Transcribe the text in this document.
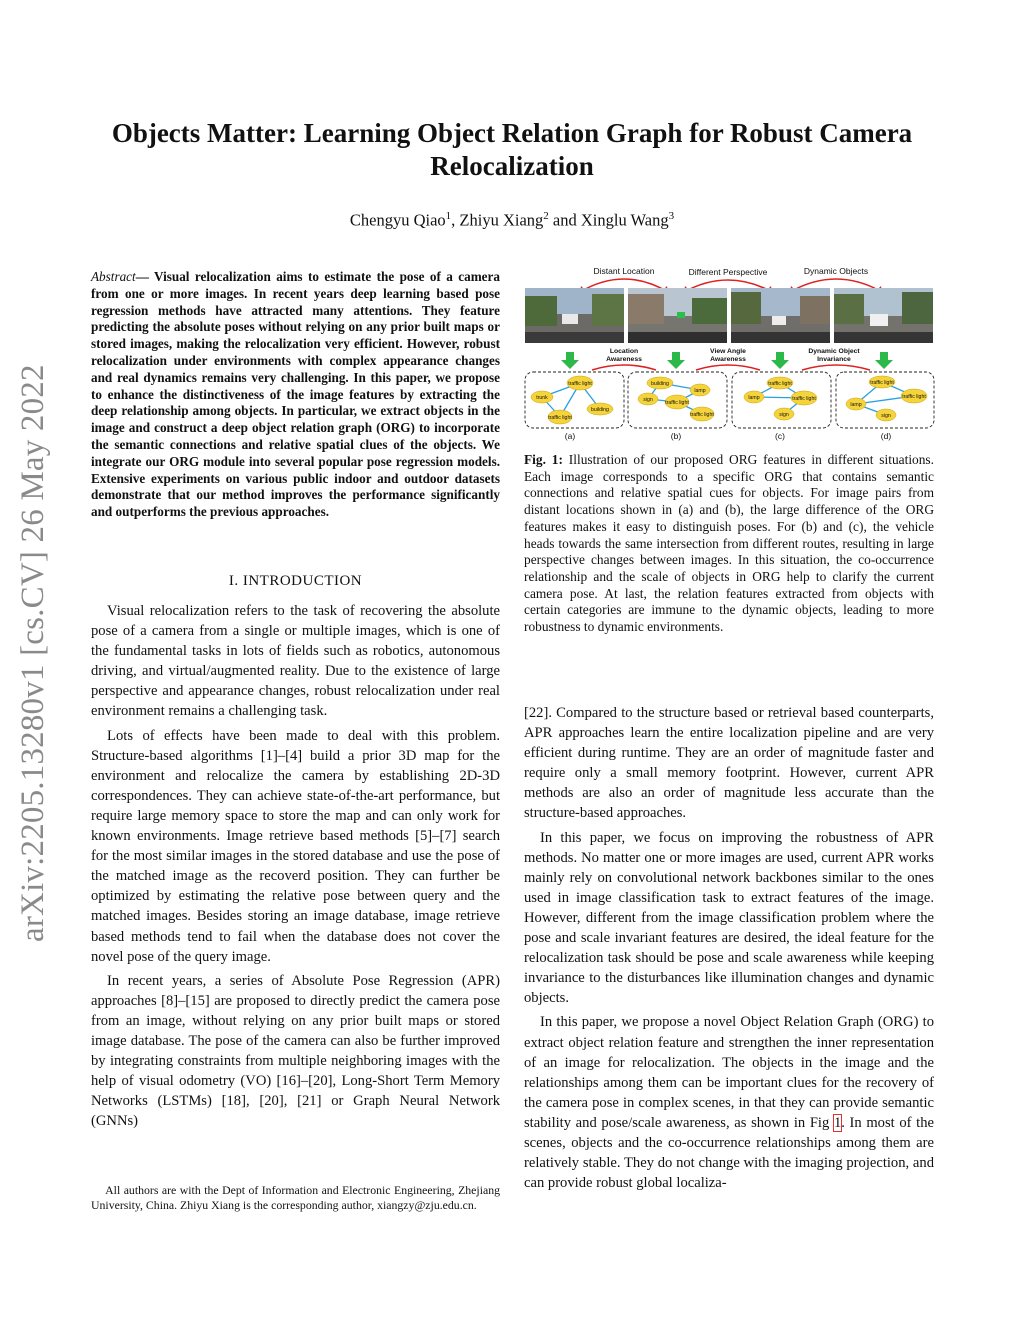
Objects Matter: Learning Object Relation Graph for Robust Camera Relocalization
Chengyu Qiao$^1$, Zhiyu Xiang$^2$ and Xinglu Wang$^3$
arXiv:2205.13280v1 [cs.CV] 26 May 2022
Abstract— Visual relocalization aims to estimate the pose of a camera from one or more images. In recent years deep learning based pose regression methods have attracted many attentions. They feature predicting the absolute poses without relying on any prior built maps or stored images, making the relocalization very efficient. However, robust relocalization under environments with complex appearance changes and real dynamics remains very challenging. In this paper, we propose to enhance the distinctiveness of the image features by extracting the deep relationship among objects. In particular, we extract objects in the image and construct a deep object relation graph (ORG) to incorporate the semantic connections and relative spatial clues of the objects. We integrate our ORG module into several popular pose regression models. Extensive experiments on various public indoor and outdoor datasets demonstrate that our method improves the performance significantly and outperforms the previous approaches.
I. INTRODUCTION

Visual relocalization refers to the task of recovering the absolute pose of a camera from a single or multiple images, which is one of the fundamental tasks in lots of fields such as robotics, autonomous driving, and virtual/augmented reality. Due to the existence of large perspective and appearance changes, robust relocalization under real environment remains a challenging task.

Lots of effects have been made to deal with this problem. Structure-based algorithms [1]–[4] build a prior 3D map for the environment and relocalize the camera by establishing 2D-3D correspondences. They can achieve state-of-the-art performance, but require large memory space to store the map and can only work for known environments. Image retrieve based methods [5]–[7] search for the most similar images in the stored database and use the pose of the matched image as the recoverd position. They can further be optimized by estimating the relative pose between query and the matched images. Besides storing an image database, image retrieve based methods tend to fail when the database does not cover the novel pose of the query image.

In recent years, a series of Absolute Pose Regression (APR) approaches [8]–[15] are proposed to directly predict the camera pose from an image, without relying on any prior built maps or stored image database. The pose of the camera can also be further improved by integrating constraints from multiple neighboring images with the help of visual odometry (VO) [16]–[20], Long-Short Term Memory Networks (LSTMs) [18], [20], [21] or Graph Neural Network (GNNs)

All authors are with the Dept of Information and Electronic Engineering, Zhejiang University, China. Zhiyu Xiang is the corresponding author, xiangzy@zju.edu.cn.
Distant Location	Different Perspective	Dynamic Objects
Location
Awareness
View Angle
Awareness
Dynamic Object
Invariance
traffic light
trunk
building
traffic light
building
sign
lamp
traffic light
traffic light
traffic light
lamp	traffic light
sign
traffic light
lamp
traffic light
sign
(a)	(b)	(c)	(d)
Fig. 1: Illustration of our proposed ORG features in different situations. Each image corresponds to a specific ORG that contains semantic connections and relative spatial cues for objects. For image pairs from distant locations shown in (a) and (b), the large difference of the ORG features makes it easy to distinguish poses. For (b) and (c), the vehicle heads towards the same intersection from different routes, resulting in large perspective changes between images. In this situation, the co-occurrence relationship and the scale of objects in ORG help to clarify the current camera pose. At last, the relation features extracted from objects with certain categories are immune to the dynamic objects, leading to more robustness to dynamic environments.

[22]. Compared to the structure based or retrieval based counterparts, APR approaches learn the entire localization pipeline and are very efficient during runtime. They are an order of magnitude faster and require only a small memory footprint. However, current APR methods are also an order of magnitude less accurate than the structure-based approaches.

In this paper, we focus on improving the robustness of APR methods. No matter one or more images are used, current APR works mainly rely on convolutional network backbones similar to the ones used in image classification task to extract features of the image. However, different from the image classification problem where the pose and scale invariant features are desired, the ideal feature for the relocalization task should be pose and scale awareness while keeping invariance to the disturbances like illumination changes and dynamic objects.

In this paper, we propose a novel Object Relation Graph (ORG) to extract object relation feature and strengthen the inner representation of an image for relocalization. The objects in the image and the relationships among them can be important clues for the recovery of the camera pose in complex scenes, in that they can provide semantic stability and pose/scale awareness, as shown in Fig 1. In most of the scenes, objects and the co-occurrence relationships among them are relatively stable. They do not change with the imaging projection, and can provide robust global localiza-
